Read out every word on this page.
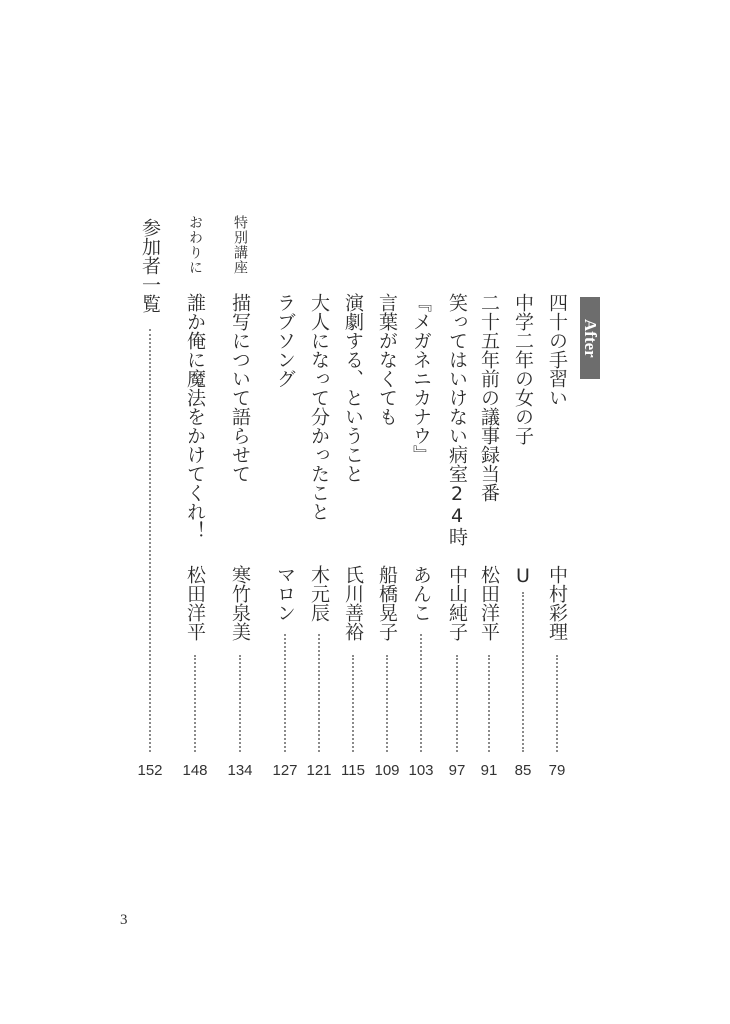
After
四十の手習い
中村彩理
79
中学二年の女の子
U
85
二十五年前の議事録当番
松田洋平
91
笑ってはいけない病室24時
中山純子
97
『メガネニカナウ』
あんこ
103
言葉がなくても
船橋晃子
109
演劇する、ということ
氏川善裕
115
大人になって分かったこと
木元辰
121
ラブソング
マロン
127
特別講座
描写について語らせて
寒竹泉美
134
おわりに
誰か俺に魔法をかけてくれ！
松田洋平
148
参加者一覧
152
3
